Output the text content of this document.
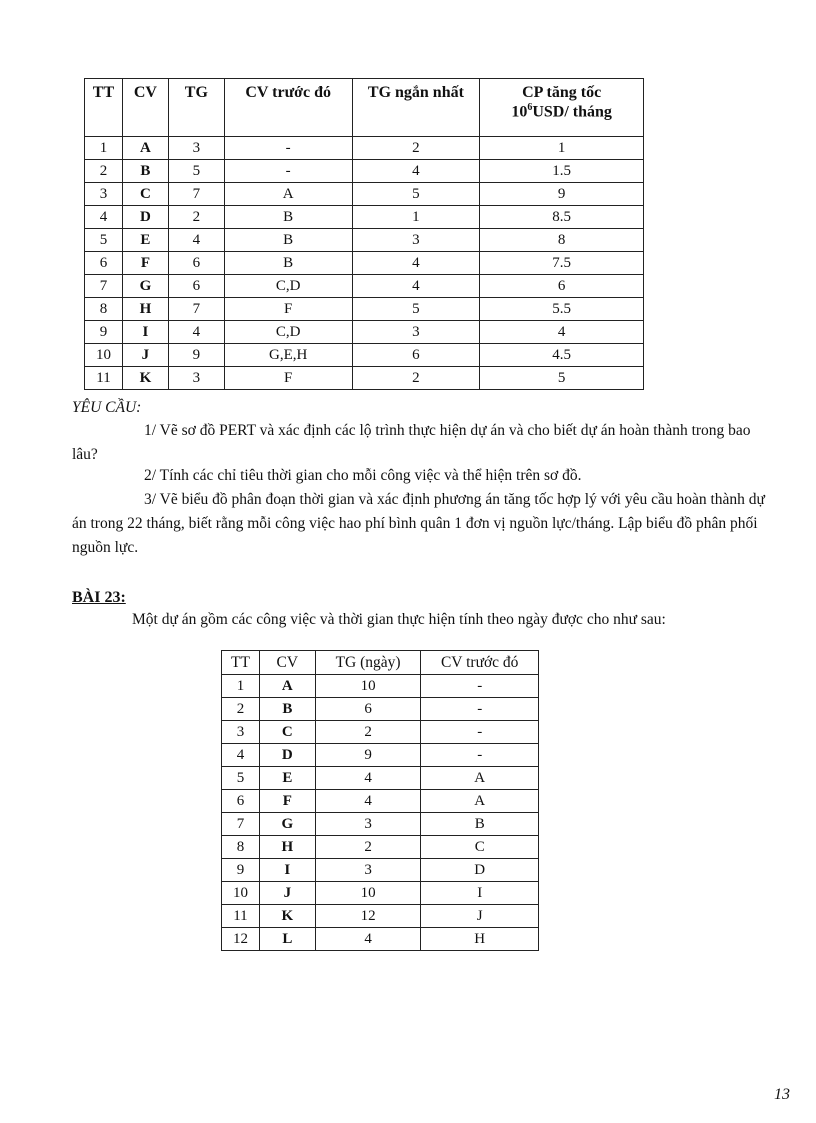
TT	CV	TG	CV trước đó	TG ngắn nhất	CP tăng tốc
$10^6USD/$ tháng

1	A	3	-	2	1
2	B	5	-	4	1.5
3	C	7	A	5	9
4	D	2	B	1	8.5
5	E	4	B	3	8
6	F	6	B	4	7.5
7	G	6	C,D	4	6
8	H	7	F	5	5.5
9	I	4	C,D	3	4
10	J	9	G,E,H	6	4.5
11	K	3	F	2	5
YÊU CẦU:
1/ Vẽ sơ đồ PERT và xác định các lộ trình thực hiện dự án và cho biết dự án hoàn thành trong bao lâu?
2/ Tính các chỉ tiêu thời gian cho mỗi công việc và thể hiện trên sơ đồ.
3/ Vẽ biểu đồ phân đoạn thời gian và xác định phương án tăng tốc hợp lý với yêu cầu hoàn thành dự án trong 22 tháng, biết rằng mỗi công việc hao phí bình quân 1 đơn vị nguồn lực/tháng. Lập biểu đồ phân phối nguồn lực.
BÀI 23:
Một dự án gồm các công việc và thời gian thực hiện tính theo ngày được cho như sau:
TT	CV	TG (ngày)	CV trước đó
1	A	10	-
2	B	6	-
3	C	2	-
4	D	9	-
5	E	4	A
6	F	4	A
7	G	3	B
8	H	2	C
9	I	3	D
10	J	10	I
11	K	12	J
12	L	4	H
13
